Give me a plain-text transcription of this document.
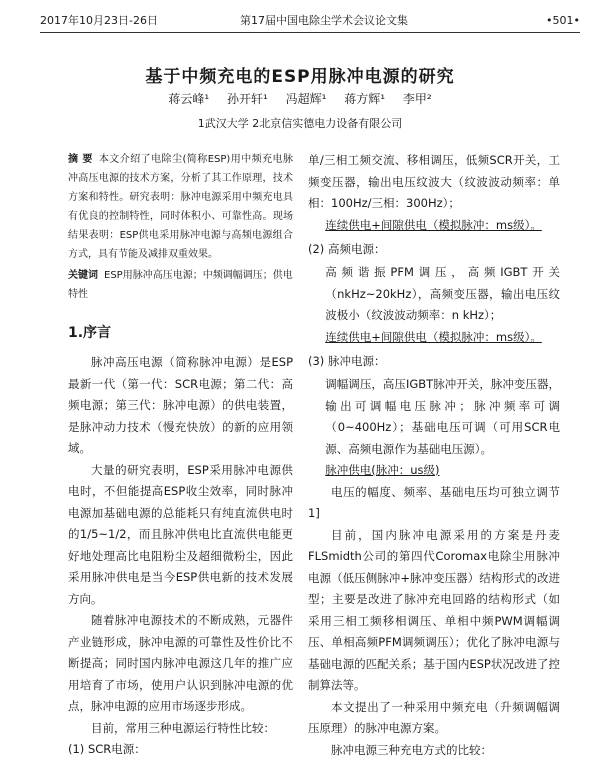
2017年10月23日-26日	第17届中国电除尘学术会议论文集	•501•
基于中频充电的ESP用脉冲电源的研究
蒋云峰¹ 孙开轩¹ 冯超辉¹ 蒋方辉¹ 李甲²
1武汉大学 2北京信实德电力设备有限公司
摘 要 本文介绍了电除尘(简称ESP)用中频充电脉冲高压电源的技术方案，分析了其工作原理，技术方案和特性。研究表明：脉冲电源采用中频充电具有优良的控制特性，同时体积小、可靠性高。现场结果表明：ESP供电采用脉冲电源与高频电源组合方式，具有节能及减排双重效果。
关键词 ESP用脉冲高压电源；中频调幅调压；供电特性
1.序言

脉冲高压电源（简称脉冲电源）是ESP最新一代（第一代：SCR电源；第二代：高频电源；第三代：脉冲电源）的供电装置，是脉冲动力技术（慢充快放）的新的应用领域。

大量的研究表明，ESP采用脉冲电源供电时，不但能提高ESP收尘效率，同时脉冲电源加基础电源的总能耗只有纯直流供电时的1/5~1/2，而且脉冲供电比直流供电能更好地处理高比电阻粉尘及超细微粉尘，因此采用脉冲供电是当今ESP供电新的技术发展方向。

随着脉冲电源技术的不断成熟，元器件产业链形成，脉冲电源的可靠性及性价比不断提高；同时国内脉冲电源这几年的推广应用培育了市场，使用户认识到脉冲电源的优点，脉冲电源的应用市场逐步形成。

目前，常用三种电源运行特性比较：

(1) SCR电源：

单/三相工频交流、移相调压，低频SCR开关，工频变压器，输出电压纹波大（纹波波动频率：单相：100Hz/三相：300Hz）；

连续供电+间隙供电（模拟脉冲：ms级）。

(2) 高频电源：

高频谐振PFM调压，高频IGBT开关（nkHz~20kHz），高频变压器，输出电压纹波极小（纹波波动频率：n kHz）；

连续供电+间隙供电（模拟脉冲：ms级）。

(3) 脉冲电源：

调幅调压，高压IGBT脉冲开关，脉冲变压器，输出可调幅电压脉冲；脉冲频率可调（0~400Hz）；基础电压可调（可用SCR电源、高频电源作为基础电压源）。

脉冲供电(脉冲：us级)

电压的幅度、频率、基础电压均可独立调节1]

目前，国内脉冲电源采用的方案是丹麦FLSmidth公司的第四代Coromax电除尘用脉冲电源（低压侧脉冲+脉冲变压器）结构形式的改进型；主要是改进了脉冲充电回路的结构形式（如采用三相工频移相调压、单相中频PWM调幅调压、单相高频PFM调频调压）；优化了脉冲电源与基础电源的匹配关系；基于国内ESP状况改进了控制算法等。

本文提出了一种采用中频充电（升频调幅调压原理）的脉冲电源方案。

脉冲电源三种充电方式的比较：
